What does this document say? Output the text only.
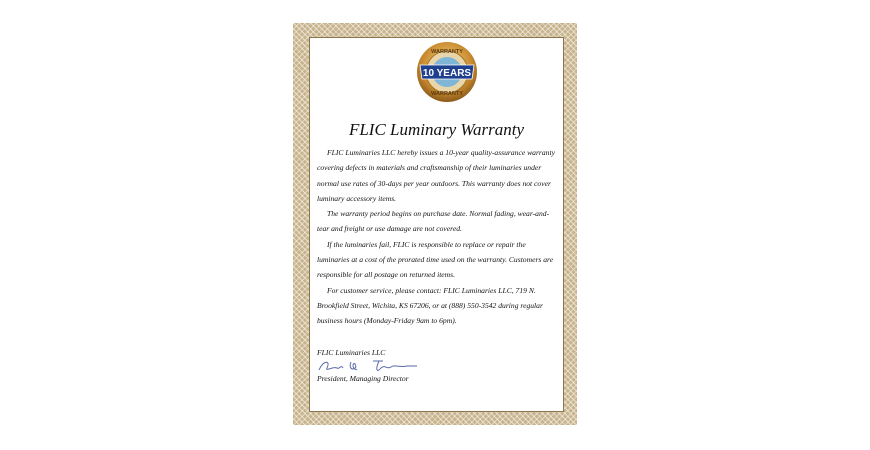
10 YEARS
WARRANTY
WARRANTY
FLIC Luminary Warranty

FLIC Luminaries LLC hereby issues a 10-year quality-assurance warranty covering defects in materials and craftsmanship of their luminaries under normal use rates of 30-days per year outdoors. This warranty does not cover luminary accessory items.

The warranty period begins on purchase date. Normal fading, wear-and-tear and freight or use damage are not covered.

If the luminaries fail, FLIC is responsible to replace or repair the luminaries at a cost of the prorated time used on the warranty. Customers are responsible for all postage on returned items.

For customer service, please contact: FLIC Luminaries LLC, 719 N. Brookfield Street, Wichita, KS 67206, or at (888) 550-3542 during regular business hours (Monday-Friday 9am to 6pm).

FLIC Luminaries LLC
President, Managing Director
